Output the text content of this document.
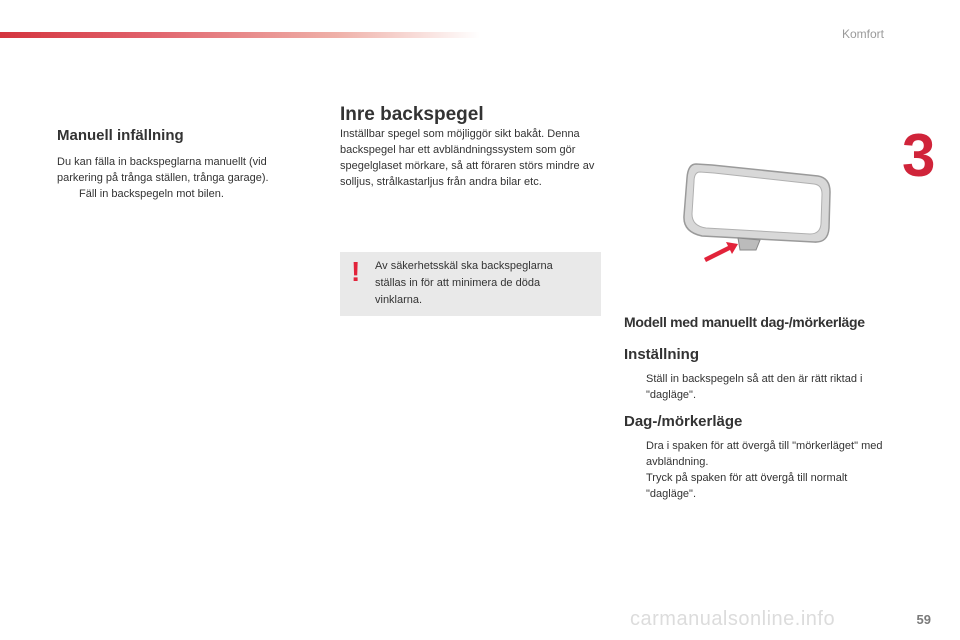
Komfort
3
Manuell infällning

Du kan fälla in backspeglarna manuellt (vid parkering på trånga ställen, trånga garage).

Fäll in backspegeln mot bilen.
Inre backspegel

Inställbar spegel som möjliggör sikt bakåt. Denna backspegel har ett avbländningssystem som gör spegelglaset mörkare, så att föraren störs mindre av solljus, strålkastarljus från andra bilar etc.

! Av säkerhetsskäl ska backspeglarna ställas in för att minimera de döda vinklarna.
Modell med manuellt dag-/mörkerläge
Inställning
Ställ in backspegeln så att den är rätt riktad i "dagläge".
Dag-/mörkerläge
Dra i spaken för att övergå till "mörkerläget" med avbländning.
Tryck på spaken för att övergå till normalt "dagläge".
carmanualsonline.info	59
